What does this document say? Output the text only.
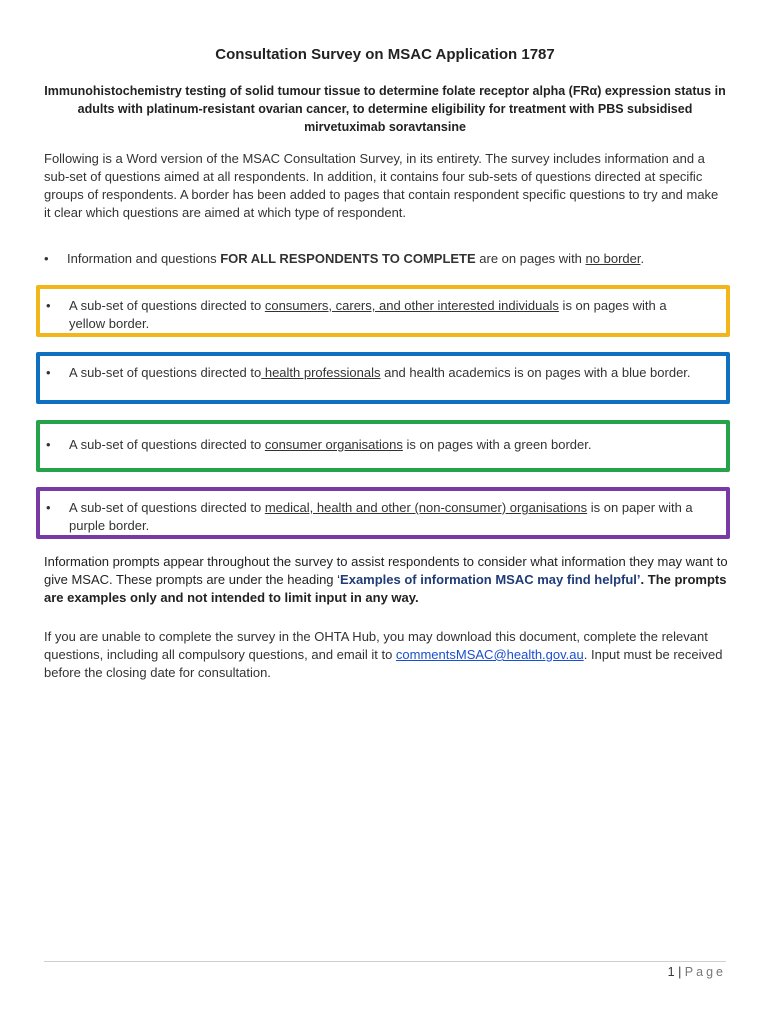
Consultation Survey on MSAC Application 1787
Immunohistochemistry testing of solid tumour tissue to determine folate receptor alpha (FRα) expression status in adults with platinum-resistant ovarian cancer, to determine eligibility for treatment with PBS subsidised mirvetuximab soravtansine
Following is a Word version of the MSAC Consultation Survey, in its entirety. The survey includes information and a sub-set of questions aimed at all respondents. In addition, it contains four sub-sets of questions directed at specific groups of respondents. A border has been added to pages that contain respondent specific questions to try and make it clear which questions are aimed at which type of respondent.
•	Information and questions FOR ALL RESPONDENTS TO COMPLETE are on pages with no border.
•	A sub-set of questions directed to consumers, carers, and other interested individuals is on pages with a yellow border.
•	A sub-set of questions directed to health professionals and health academics is on pages with a blue border.
•	A sub-set of questions directed to consumer organisations is on pages with a green border.
•	A sub-set of questions directed to medical, health and other (non-consumer) organisations is on paper with a purple border.
Information prompts appear throughout the survey to assist respondents to consider what information they may want to give MSAC. These prompts are under the heading ‘Examples of information MSAC may find helpful’. The prompts are examples only and not intended to limit input in any way.
If you are unable to complete the survey in the OHTA Hub, you may download this document, complete the relevant questions, including all compulsory questions, and email it to commentsMSAC@health.gov.au. Input must be received before the closing date for consultation.
1 | Page
